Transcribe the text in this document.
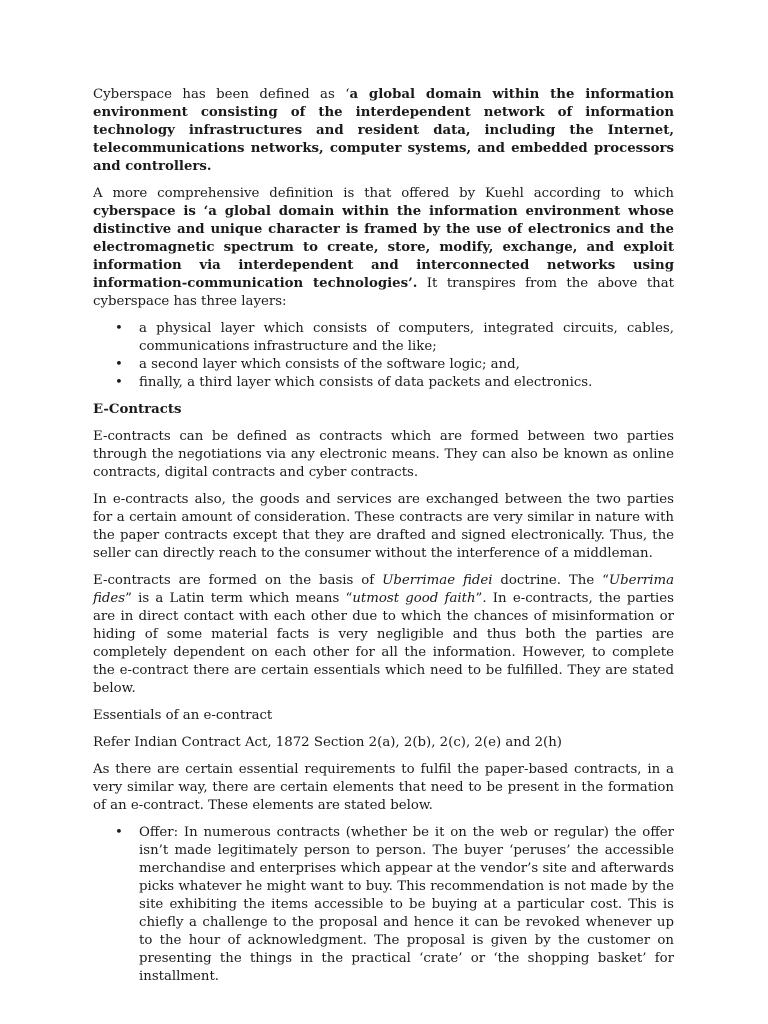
Cyberspace has been defined as ‘a global domain within the information environment consisting of the interdependent network of information technology infrastructures and resident data, including the Internet, telecommunications networks, computer systems, and embedded processors and controllers.

A more comprehensive definition is that offered by Kuehl according to which cyberspace is ‘a global domain within the information environment whose distinctive and unique character is framed by the use of electronics and the electromagnetic spectrum to create, store, modify, exchange, and exploit information via interdependent and interconnected networks using information-communication technologies’. It transpires from the above that cyberspace has three layers:

• a physical layer which consists of computers, integrated circuits, cables, communications infrastructure and the like;
• a second layer which consists of the software logic; and,
• finally, a third layer which consists of data packets and electronics.

E-Contracts

E-contracts can be defined as contracts which are formed between two parties through the negotiations via any electronic means. They can also be known as online contracts, digital contracts and cyber contracts.

In e-contracts also, the goods and services are exchanged between the two parties for a certain amount of consideration. These contracts are very similar in nature with the paper contracts except that they are drafted and signed electronically. Thus, the seller can directly reach to the consumer without the interference of a middleman.

E-contracts are formed on the basis of Uberrimae fidei doctrine. The “Uberrima fides” is a Latin term which means “utmost good faith”. In e-contracts, the parties are in direct contact with each other due to which the chances of misinformation or hiding of some material facts is very negligible and thus both the parties are completely dependent on each other for all the information. However, to complete the e-contract there are certain essentials which need to be fulfilled. They are stated below.

Essentials of an e-contract

Refer Indian Contract Act, 1872 Section 2(a), 2(b), 2(c), 2(e) and 2(h)

As there are certain essential requirements to fulfil the paper-based contracts, in a very similar way, there are certain elements that need to be present in the formation of an e-contract. These elements are stated below.

• Offer: In numerous contracts (whether be it on the web or regular) the offer isn’t made legitimately person to person. The buyer ‘peruses’ the accessible merchandise and enterprises which appear at the vendor’s site and afterwards picks whatever he might want to buy. This recommendation is not made by the site exhibiting the items accessible to be buying at a particular cost. This is chiefly a challenge to the proposal and hence it can be revoked whenever up to the hour of acknowledgment. The proposal is given by the customer on presenting the things in the practical ‘crate’ or ‘the shopping basket’ for installment.
